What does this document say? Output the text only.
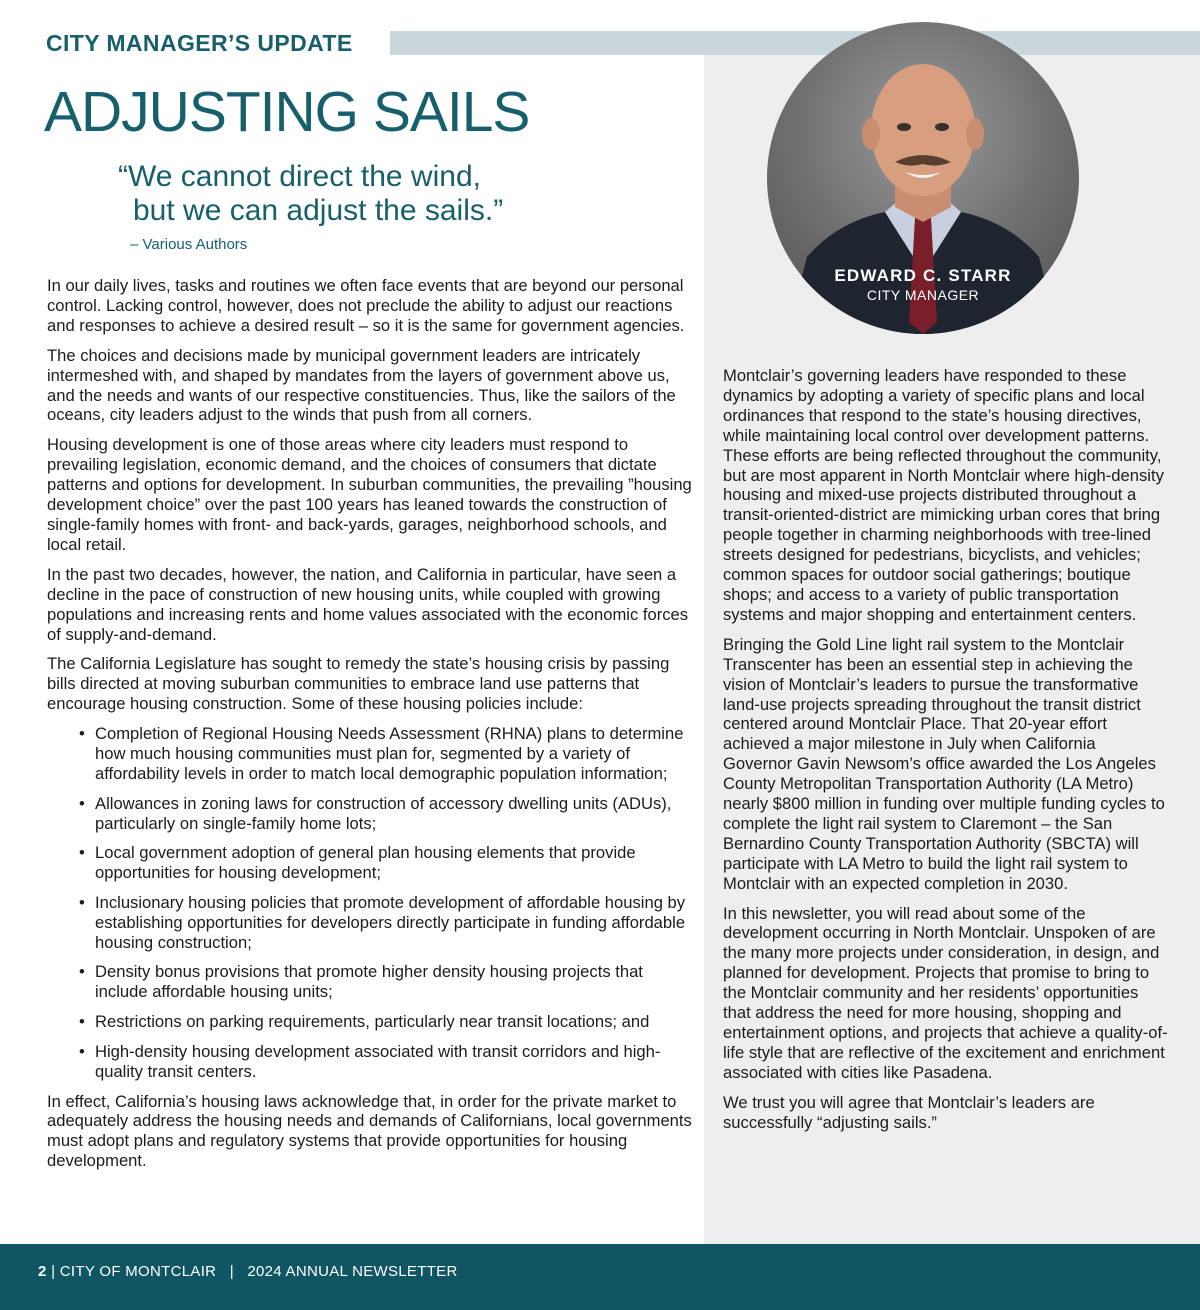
CITY MANAGER’S UPDATE
ADJUSTING SAILS
“We cannot direct the wind,
but we can adjust the sails.”
– Various Authors
EDWARD C. STARR
CITY MANAGER

In our daily lives, tasks and routines we often face events that are beyond our personal control. Lacking control, however, does not preclude the ability to adjust our reactions and responses to achieve a desired result – so it is the same for government agencies.

The choices and decisions made by municipal government leaders are intricately intermeshed with, and shaped by mandates from the layers of government above us, and the needs and wants of our respective constituencies. Thus, like the sailors of the oceans, city leaders adjust to the winds that push from all corners.

Housing development is one of those areas where city leaders must respond to prevailing legislation, economic demand, and the choices of consumers that dictate patterns and options for development. In suburban communities, the prevailing ”housing development choice” over the past 100 years has leaned towards the construction of single-family homes with front- and back-yards, garages, neighborhood schools, and local retail.

In the past two decades, however, the nation, and California in particular, have seen a decline in the pace of construction of new housing units, while coupled with growing populations and increasing rents and home values associated with the economic forces of supply-and-demand.

The California Legislature has sought to remedy the state’s housing crisis by passing bills directed at moving suburban communities to embrace land use patterns that encourage housing construction. Some of these housing policies include:

• Completion of Regional Housing Needs Assessment (RHNA) plans to determine how much housing communities must plan for, segmented by a variety of affordability levels in order to match local demographic population information;
• Allowances in zoning laws for construction of accessory dwelling units (ADUs), particularly on single-family home lots;
• Local government adoption of general plan housing elements that provide opportunities for housing development;
• Inclusionary housing policies that promote development of affordable housing by establishing opportunities for developers directly participate in funding affordable housing construction;
• Density bonus provisions that promote higher density housing projects that include affordable housing units;
• Restrictions on parking requirements, particularly near transit locations; and
• High-density housing development associated with transit corridors and high-quality transit centers.

In effect, California’s housing laws acknowledge that, in order for the private market to adequately address the housing needs and demands of Californians, local governments must adopt plans and regulatory systems that provide opportunities for housing development.

Montclair’s governing leaders have responded to these dynamics by adopting a variety of specific plans and local ordinances that respond to the state’s housing directives, while maintaining local control over development patterns. These efforts are being reflected throughout the community, but are most apparent in North Montclair where high-density housing and mixed-use projects distributed throughout a transit-oriented-district are mimicking urban cores that bring people together in charming neighborhoods with tree-lined streets designed for pedestrians, bicyclists, and vehicles; common spaces for outdoor social gatherings; boutique shops; and access to a variety of public transportation systems and major shopping and entertainment centers.

Bringing the Gold Line light rail system to the Montclair Transcenter has been an essential step in achieving the vision of Montclair’s leaders to pursue the transformative land-use projects spreading throughout the transit district centered around Montclair Place. That 20-year effort achieved a major milestone in July when California Governor Gavin Newsom’s office awarded the Los Angeles County Metropolitan Transportation Authority (LA Metro) nearly $800 million in funding over multiple funding cycles to complete the light rail system to Claremont – the San Bernardino County Transportation Authority (SBCTA) will participate with LA Metro to build the light rail system to Montclair with an expected completion in 2030.

In this newsletter, you will read about some of the development occurring in North Montclair. Unspoken of are the many more projects under consideration, in design, and planned for development. Projects that promise to bring to the Montclair community and her residents’ opportunities that address the need for more housing, shopping and entertainment options, and projects that achieve a quality-of-life style that are reflective of the excitement and enrichment associated with cities like Pasadena.

We trust you will agree that Montclair’s leaders are successfully “adjusting sails.”

2 | CITY OF MONTCLAIR | 2024 ANNUAL NEWSLETTER
